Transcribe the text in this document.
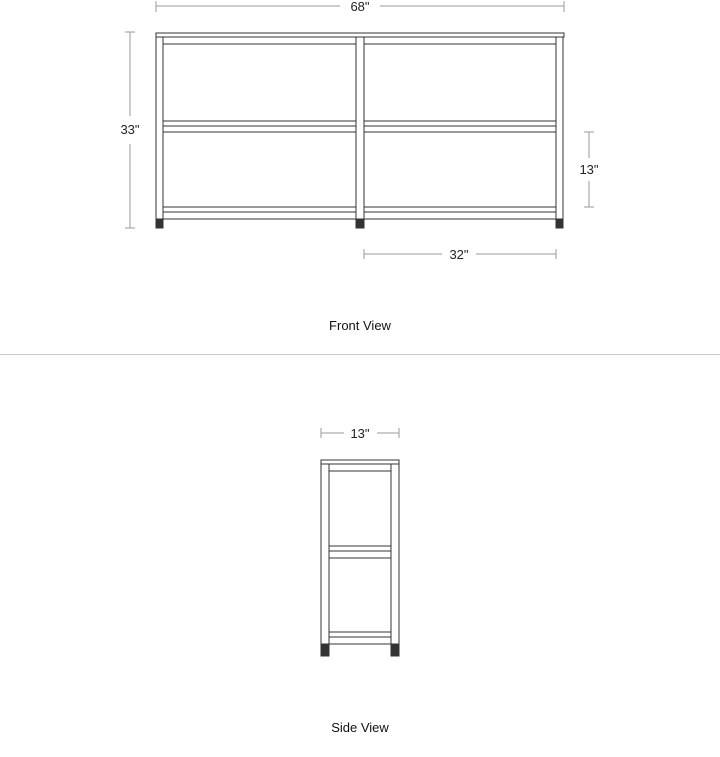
68"
33"
13"
32"
Front View
13"
Side View
